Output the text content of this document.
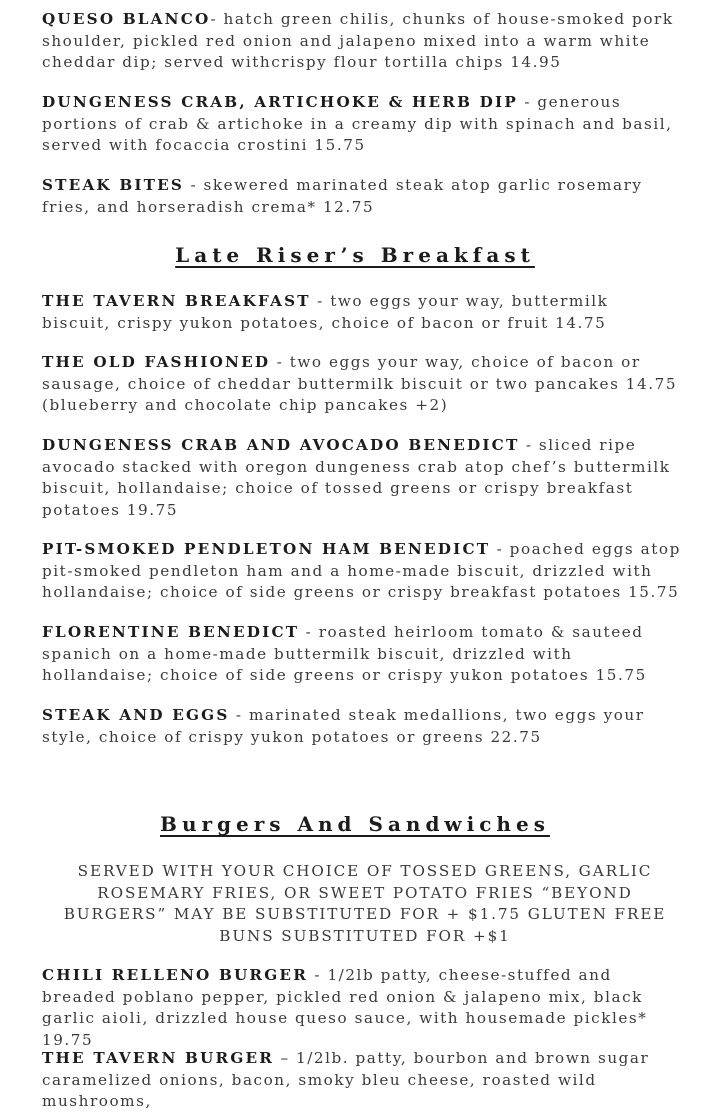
QUESO BLANCO- hatch green chilis, chunks of house-smoked pork shoulder, pickled red onion and jalapeno mixed into a warm white cheddar dip; served withcrispy flour tortilla chips 14.95

DUNGENESS CRAB, ARTICHOKE & HERB DIP - generous portions of crab & artichoke in a creamy dip with spinach and basil, served with focaccia crostini 15.75

STEAK BITES - skewered marinated steak atop garlic rosemary fries, and horseradish crema* 12.75

Late Riser’s Breakfast

THE TAVERN BREAKFAST - two eggs your way, buttermilk biscuit, crispy yukon potatoes, choice of bacon or fruit 14.75

THE OLD FASHIONED - two eggs your way, choice of bacon or sausage, choice of cheddar buttermilk biscuit or two pancakes 14.75 (blueberry and chocolate chip pancakes +2)

DUNGENESS CRAB AND AVOCADO BENEDICT - sliced ripe avocado stacked with oregon dungeness crab atop chef’s buttermilk biscuit, hollandaise; choice of tossed greens or crispy breakfast potatoes 19.75

PIT-SMOKED PENDLETON HAM BENEDICT - poached eggs atop pit-smoked pendleton ham and a home-made biscuit, drizzled with hollandaise; choice of side greens or crispy breakfast potatoes 15.75

FLORENTINE BENEDICT - roasted heirloom tomato & sauteed spanich on a home-made buttermilk biscuit, drizzled with hollandaise; choice of side greens or crispy yukon potatoes 15.75

STEAK AND EGGS - marinated steak medallions, two eggs your style, choice of crispy yukon potatoes or greens 22.75

Burgers And Sandwiches

SERVED WITH YOUR CHOICE OF TOSSED GREENS, GARLIC ROSEMARY FRIES, OR SWEET POTATO FRIES “BEYOND BURGERS” MAY BE SUBSTITUTED FOR + $1.75 GLUTEN FREE BUNS SUBSTITUTED FOR +$1

CHILI RELLENO BURGER - 1/2lb patty, cheese-stuffed and breaded poblano pepper, pickled red onion & jalapeno mix, black garlic aioli, drizzled house queso sauce, with housemade pickles* 19.75

THE TAVERN BURGER – 1/2lb. patty, bourbon and brown sugar caramelized onions, bacon, smoky bleu cheese, roasted wild mushrooms,
